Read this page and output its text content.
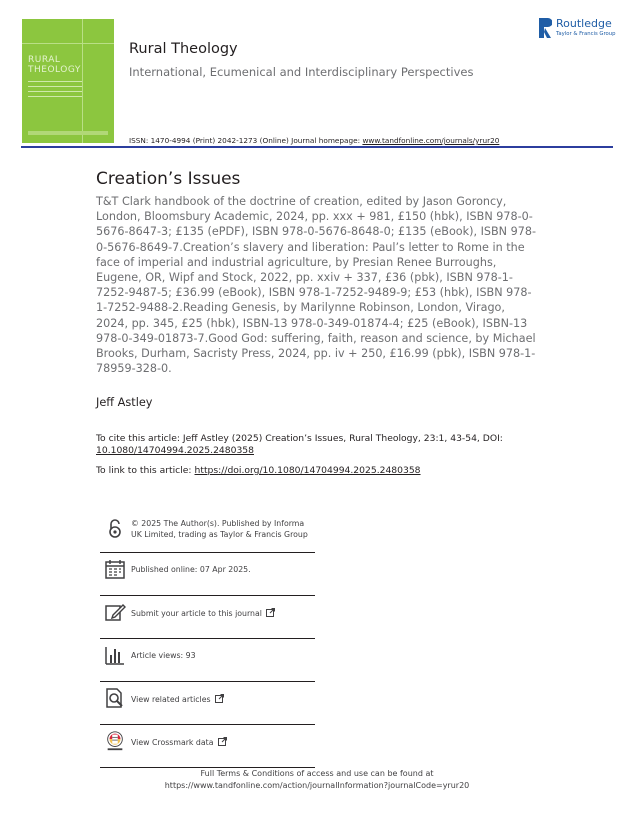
RURAL
THEOLOGY
Rural Theology
International, Ecumenical and Interdisciplinary Perspectives
ISSN: 1470-4994 (Print) 2042-1273 (Online) Journal homepage: www.tandfonline.com/journals/yrur20
Routledge
Taylor & Francis Group
Creation’s Issues
T&T Clark handbook of the doctrine of creation, edited by Jason Goroncy, London, Bloomsbury Academic, 2024, pp. xxx + 981, £150 (hbk), ISBN 978-0-5676-8647-3; £135 (ePDF), ISBN 978-0-5676-8648-0; £135 (eBook), ISBN 978-0-5676-8649-7.Creation’s slavery and liberation: Paul’s letter to Rome in the face of imperial and industrial agriculture, by Presian Renee Burroughs, Eugene, OR, Wipf and Stock, 2022, pp. xxiv + 337, £36 (pbk), ISBN 978-1-7252-9487-5; £36.99 (eBook), ISBN 978-1-7252-9489-9; £53 (hbk), ISBN 978-1-7252-9488-2.Reading Genesis, by Marilynne Robinson, London, Virago, 2024, pp. 345, £25 (hbk), ISBN-13 978-0-349-01874-4; £25 (eBook), ISBN-13 978-0-349-01873-7.Good God: suffering, faith, reason and science, by Michael Brooks, Durham, Sacristy Press, 2024, pp. iv + 250, £16.99 (pbk), ISBN 978-1-78959-328-0.
Jeff Astley
To cite this article: Jeff Astley (2025) Creation’s Issues, Rural Theology, 23:1, 43-54, DOI: 10.1080/14704994.2025.2480358
To link to this article: https://doi.org/10.1080/14704994.2025.2480358
© 2025 The Author(s). Published by Informa UK Limited, trading as Taylor & Francis Group
Published online: 07 Apr 2025.
Submit your article to this journal
Article views: 93
View related articles
View Crossmark data
Full Terms & Conditions of access and use can be found at
https://www.tandfonline.com/action/journalInformation?journalCode=yrur20
